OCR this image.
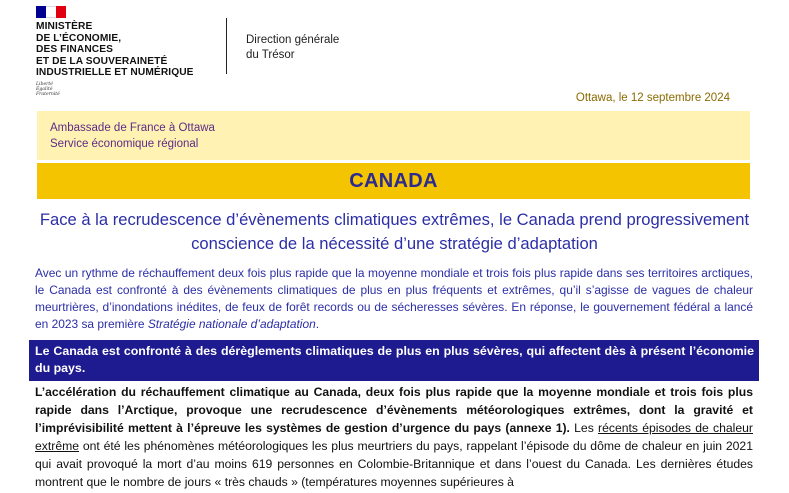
MINISTÈRE
DE L’ÉCONOMIE,
DES FINANCES
ET DE LA SOUVERAINETÉ
INDUSTRIELLE ET NUMÉRIQUE
Liberté
Égalité
Fraternité
Direction générale
du Trésor
Ottawa, le 12 septembre 2024
Ambassade de France à Ottawa
Service économique régional
CANADA
Face à la recrudescence d’évènements climatiques extrêmes, le Canada prend progressivement conscience de la nécessité d’une stratégie d’adaptation
Avec un rythme de réchauffement deux fois plus rapide que la moyenne mondiale et trois fois plus rapide dans ses territoires arctiques, le Canada est confronté à des évènements climatiques de plus en plus fréquents et extrêmes, qu’il s’agisse de vagues de chaleur meurtrières, d’inondations inédites, de feux de forêt records ou de sécheresses sévères. En réponse, le gouvernement fédéral a lancé en 2023 sa première Stratégie nationale d’adaptation.
Le Canada est confronté à des dérèglements climatiques de plus en plus sévères, qui affectent dès à présent l’économie du pays.
L’accélération du réchauffement climatique au Canada, deux fois plus rapide que la moyenne mondiale et trois fois plus rapide dans l’Arctique, provoque une recrudescence d’évènements météorologiques extrêmes, dont la gravité et l’imprévisibilité mettent à l’épreuve les systèmes de gestion d’urgence du pays (annexe 1). Les récents épisodes de chaleur extrême ont été les phénomènes météorologiques les plus meurtriers du pays, rappelant l’épisode du dôme de chaleur en juin 2021 qui avait provoqué la mort d’au moins 619 personnes en Colombie-Britannique et dans l’ouest du Canada. Les dernières études montrent que le nombre de jours « très chauds » (températures moyennes supérieures à
